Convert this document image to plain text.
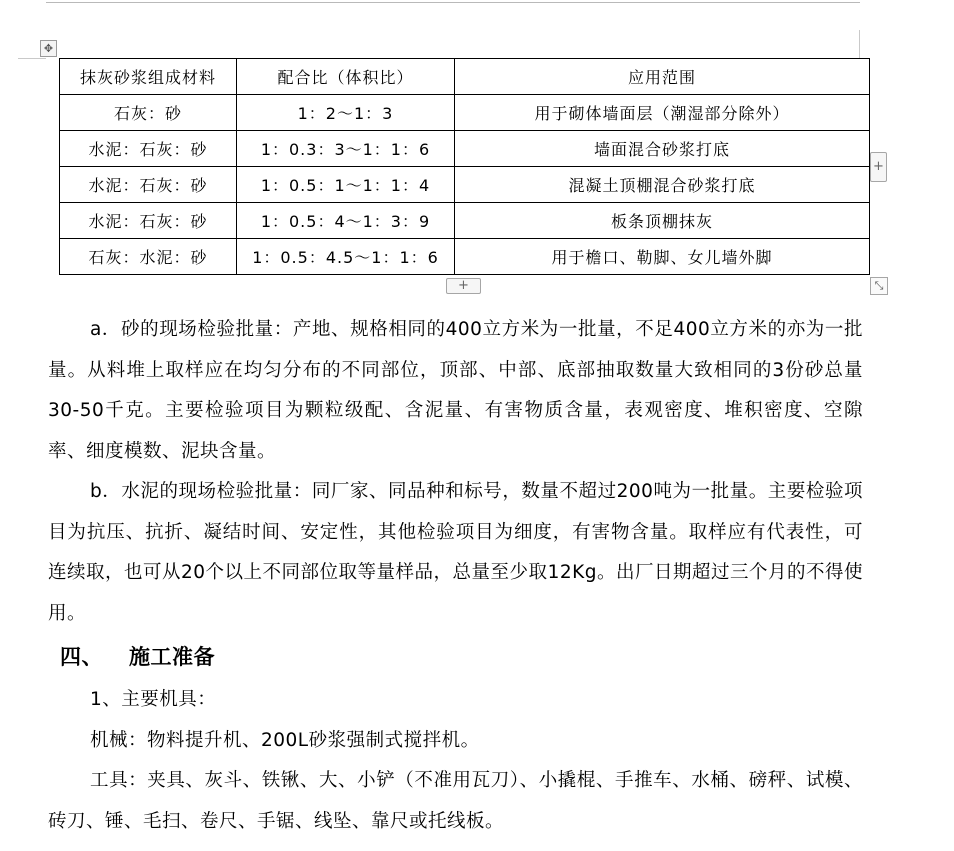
✥
抹灰砂浆组成材料	配合比（体积比）	应用范围
石灰：砂	1：2～1：3	用于砌体墙面层（潮湿部分除外）
水泥：石灰：砂	1：0.3：3～1：1：6	墙面混合砂浆打底
水泥：石灰：砂	1：0.5：1～1：1：4	混凝土顶棚混合砂浆打底
水泥：石灰：砂	1：0.5：4～1：3：9	板条顶棚抹灰
石灰：水泥：砂	1：0.5：4.5～1：1：6	用于檐口、勒脚、女儿墙外脚
+
+	⤡

a．砂的现场检验批量：产地、规格相同的400立方米为一批量，不足400立方米的亦为一批量。从料堆上取样应在均匀分布的不同部位，顶部、中部、底部抽取数量大致相同的3份砂总量30-50千克。主要检验项目为颗粒级配、含泥量、有害物质含量，表观密度、堆积密度、空隙率、细度模数、泥块含量。

b．水泥的现场检验批量：同厂家、同品种和标号，数量不超过200吨为一批量。主要检验项目为抗压、抗折、凝结时间、安定性，其他检验项目为细度，有害物含量。取样应有代表性，可连续取，也可从20个以上不同部位取等量样品，总量至少取12Kg。出厂日期超过三个月的不得使用。

四、 施工准备

1、主要机具：

机械：物料提升机、200L砂浆强制式搅拌机。

工具：夹具、灰斗、铁锹、大、小铲（不准用瓦刀）、小撬棍、手推车、水桶、磅秤、试模、砖刀、锤、毛扫、卷尺、手锯、线坠、靠尺或托线板。
